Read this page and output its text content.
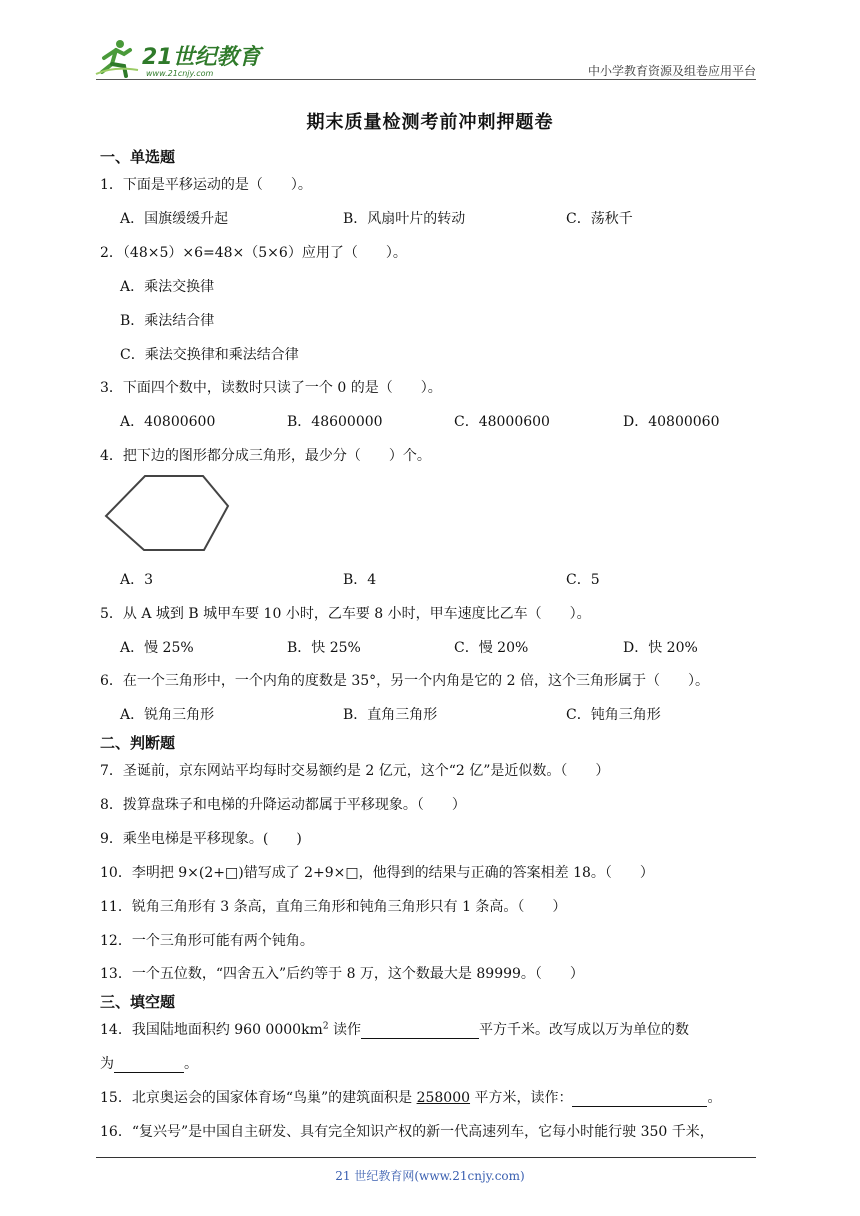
21世纪教育
www.21cnjy.com	中小学教育资源及组卷应用平台
期末质量检测考前冲刺押题卷
一、单选题
1．下面是平移运动的是（　　）。
A．国旗缓缓升起	B．风扇叶片的转动	C．荡秋千
2．（48×5）×6=48×（5×6）应用了（　　）。
A．乘法交换律
B．乘法结合律
C．乘法交换律和乘法结合律
3．下面四个数中，读数时只读了一个 0 的是（　　）。
A．40800600	B．48600000	C．48000600	D．40800060
4．把下边的图形都分成三角形，最少分（　　）个。
A．3	B．4	C．5
5．从 A 城到 B 城甲车要 10 小时，乙车要 8 小时，甲车速度比乙车（　　）。
A．慢 25%	B．快 25%	C．慢 20%	D．快 20%
6．在一个三角形中，一个内角的度数是 35°，另一个内角是它的 2 倍，这个三角形属于（　　）。
A．锐角三角形	B．直角三角形	C．钝角三角形
二、判断题
7．圣诞前，京东网站平均每时交易额约是 2 亿元，这个“2 亿”是近似数。（　　）
8．拨算盘珠子和电梯的升降运动都属于平移现象。（　　）
9．乘坐电梯是平移现象。(　　)
10．李明把 9×(2+□)错写成了 2+9×□，他得到的结果与正确的答案相差 18。（　　）
11．锐角三角形有 3 条高，直角三角形和钝角三角形只有 1 条高。（　　）
12．一个三角形可能有两个钝角。
13．一个五位数，“四舍五入”后约等于 8 万，这个数最大是 89999。（　　）
三、填空题
14．我国陆地面积约 960 $0000km^2$ 读作	平方千米。改写成以万为单位的数
为	。
15．北京奥运会的国家体育场“鸟巢”的建筑面积是 258000 平方米，读作：	。
16．“复兴号”是中国自主研发、具有完全知识产权的新一代高速列车，它每小时能行驶 350 千米，
21 世纪教育网(www.21cnjy.com)
